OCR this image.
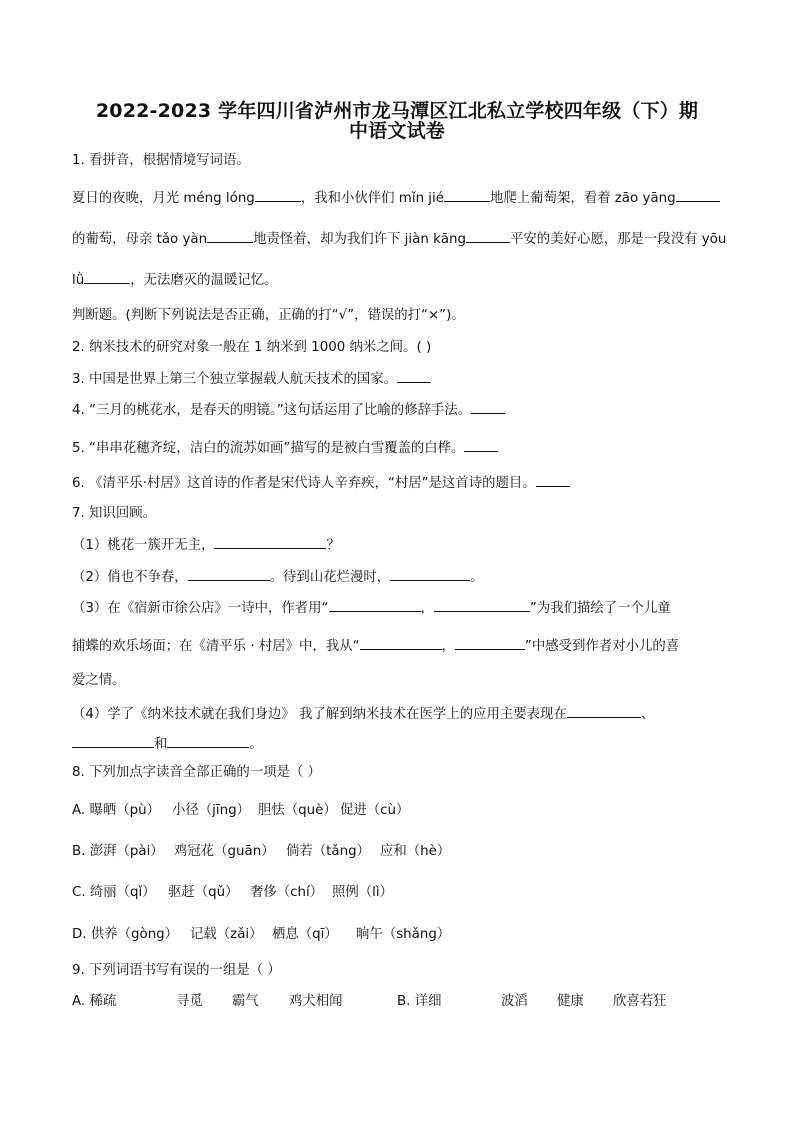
2022-2023 学年四川省泸州市龙马潭区江北私立学校四年级（下）期
中语文试卷
1. 看拼音，根据情境写词语。
夏日的夜晚，月光 méng lóng	，我和小伙伴们 mǐn jié	地爬上葡萄架，看着 zāo yāng
的葡萄，母亲 tǎo yàn	地责怪着，却为我们许下 jiàn kāng	平安的美好心愿，那是一段没有 yōu
lǜ	，无法磨灭的温暖记忆。
判断题。(判断下列说法是否正确，正确的打“√”，错误的打“×”)。
2. 纳米技术的研究对象一般在 1 纳米到 1000 纳米之间。( )
3. 中国是世界上第三个独立掌握载人航天技术的国家。
4. “三月的桃花水，是春天的明镜。”这句话运用了比喻的修辞手法。
5. “串串花穗齐绽，洁白的流苏如画”描写的是被白雪覆盖的白桦。
6. 《清平乐·村居》这首诗的作者是宋代诗人辛弃疾，“村居”是这首诗的题目。
7. 知识回顾。
（1）桃花一簇开无主，	？
（2）俏也不争春，	。待到山花烂漫时，	。
（3）在《宿新市徐公店》一诗中，作者用“	，	”为我们描绘了一个儿童
捕蝶的欢乐场面；在《清平乐 · 村居》中，我从“	，	”中感受到作者对小儿的喜
爱之情。
（4）学了《纳米技术就在我们身边》 我了解到纳米技术在医学上的应用主要表现在	、
和	。
8. 下列加点字读音全部正确的一项是（ ）
A. 曝晒（pù） 小径（jīng） 胆怯（què） 促进（cù）
B. 澎湃（pài） 鸡冠花（guān） 倘若（tǎng） 应和（hè）
C. 绮丽（qǐ） 驱赶（qǔ） 奢侈（chí） 照例（lì）
D. 供养（gòng） 记载（zǎi） 栖息（qī） 晌午（shǎng）
9. 下列词语书写有误的一组是（ ）
A. 稀疏	寻觅 霸气 鸡犬相闻	B. 详细	波滔 健康 欣喜若狂
